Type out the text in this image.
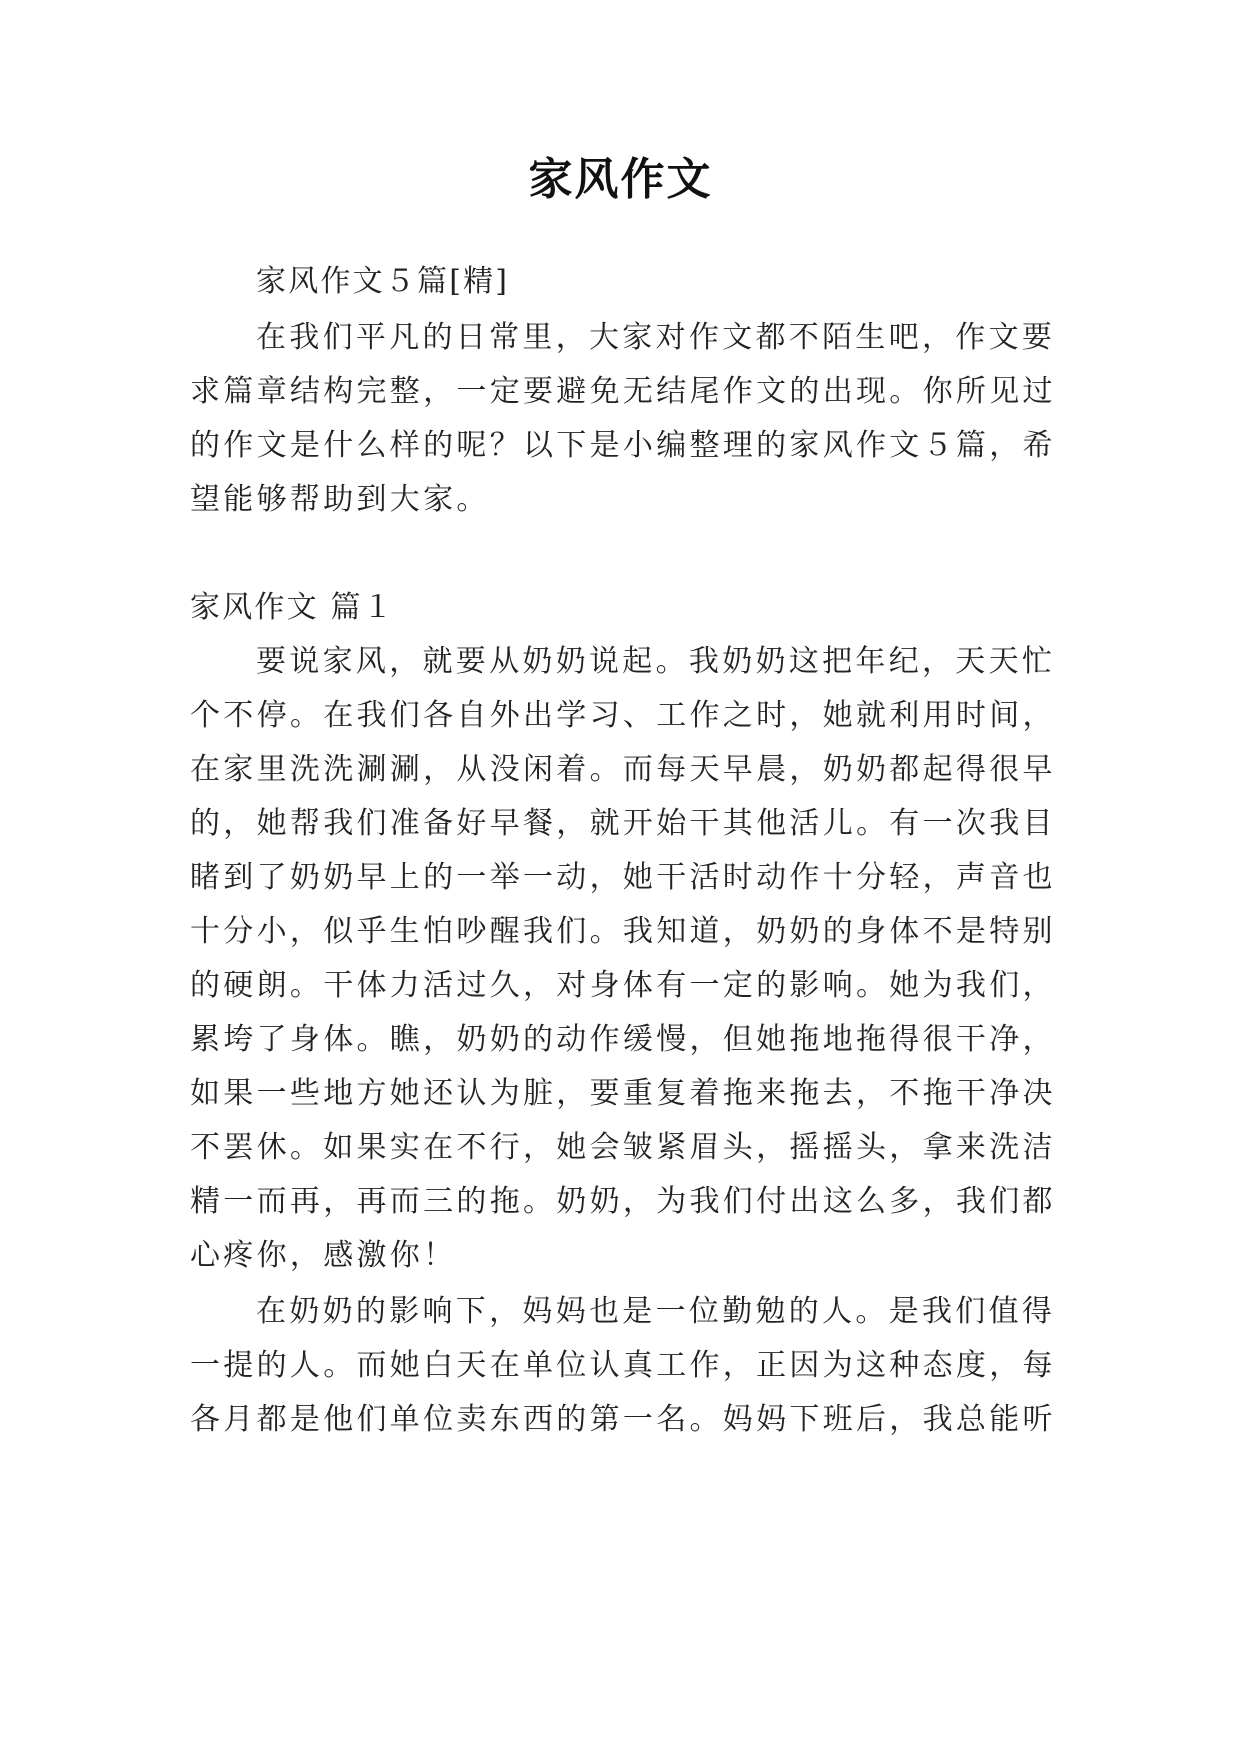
家风作文
家风作文５篇[精]
在我们平凡的日常里，大家对作文都不陌生吧，作文要
求篇章结构完整，一定要避免无结尾作文的出现。你所见过
的作文是什么样的呢？以下是小编整理的家风作文５篇，希
望能够帮助到大家。
家风作文 篇１
要说家风，就要从奶奶说起。我奶奶这把年纪，天天忙
个不停。在我们各自外出学习、工作之时，她就利用时间，
在家里洗洗涮涮，从没闲着。而每天早晨，奶奶都起得很早
的，她帮我们准备好早餐，就开始干其他活儿。有一次我目
睹到了奶奶早上的一举一动，她干活时动作十分轻，声音也
十分小，似乎生怕吵醒我们。我知道，奶奶的身体不是特别
的硬朗。干体力活过久，对身体有一定的影响。她为我们，
累垮了身体。瞧，奶奶的动作缓慢，但她拖地拖得很干净，
如果一些地方她还认为脏，要重复着拖来拖去，不拖干净决
不罢休。如果实在不行，她会皱紧眉头，摇摇头，拿来洗洁
精一而再，再而三的拖。奶奶，为我们付出这么多，我们都
心疼你，感激你！
在奶奶的影响下，妈妈也是一位勤勉的人。是我们值得
一提的人。而她白天在单位认真工作，正因为这种态度，每
各月都是他们单位卖东西的第一名。妈妈下班后，我总能听
